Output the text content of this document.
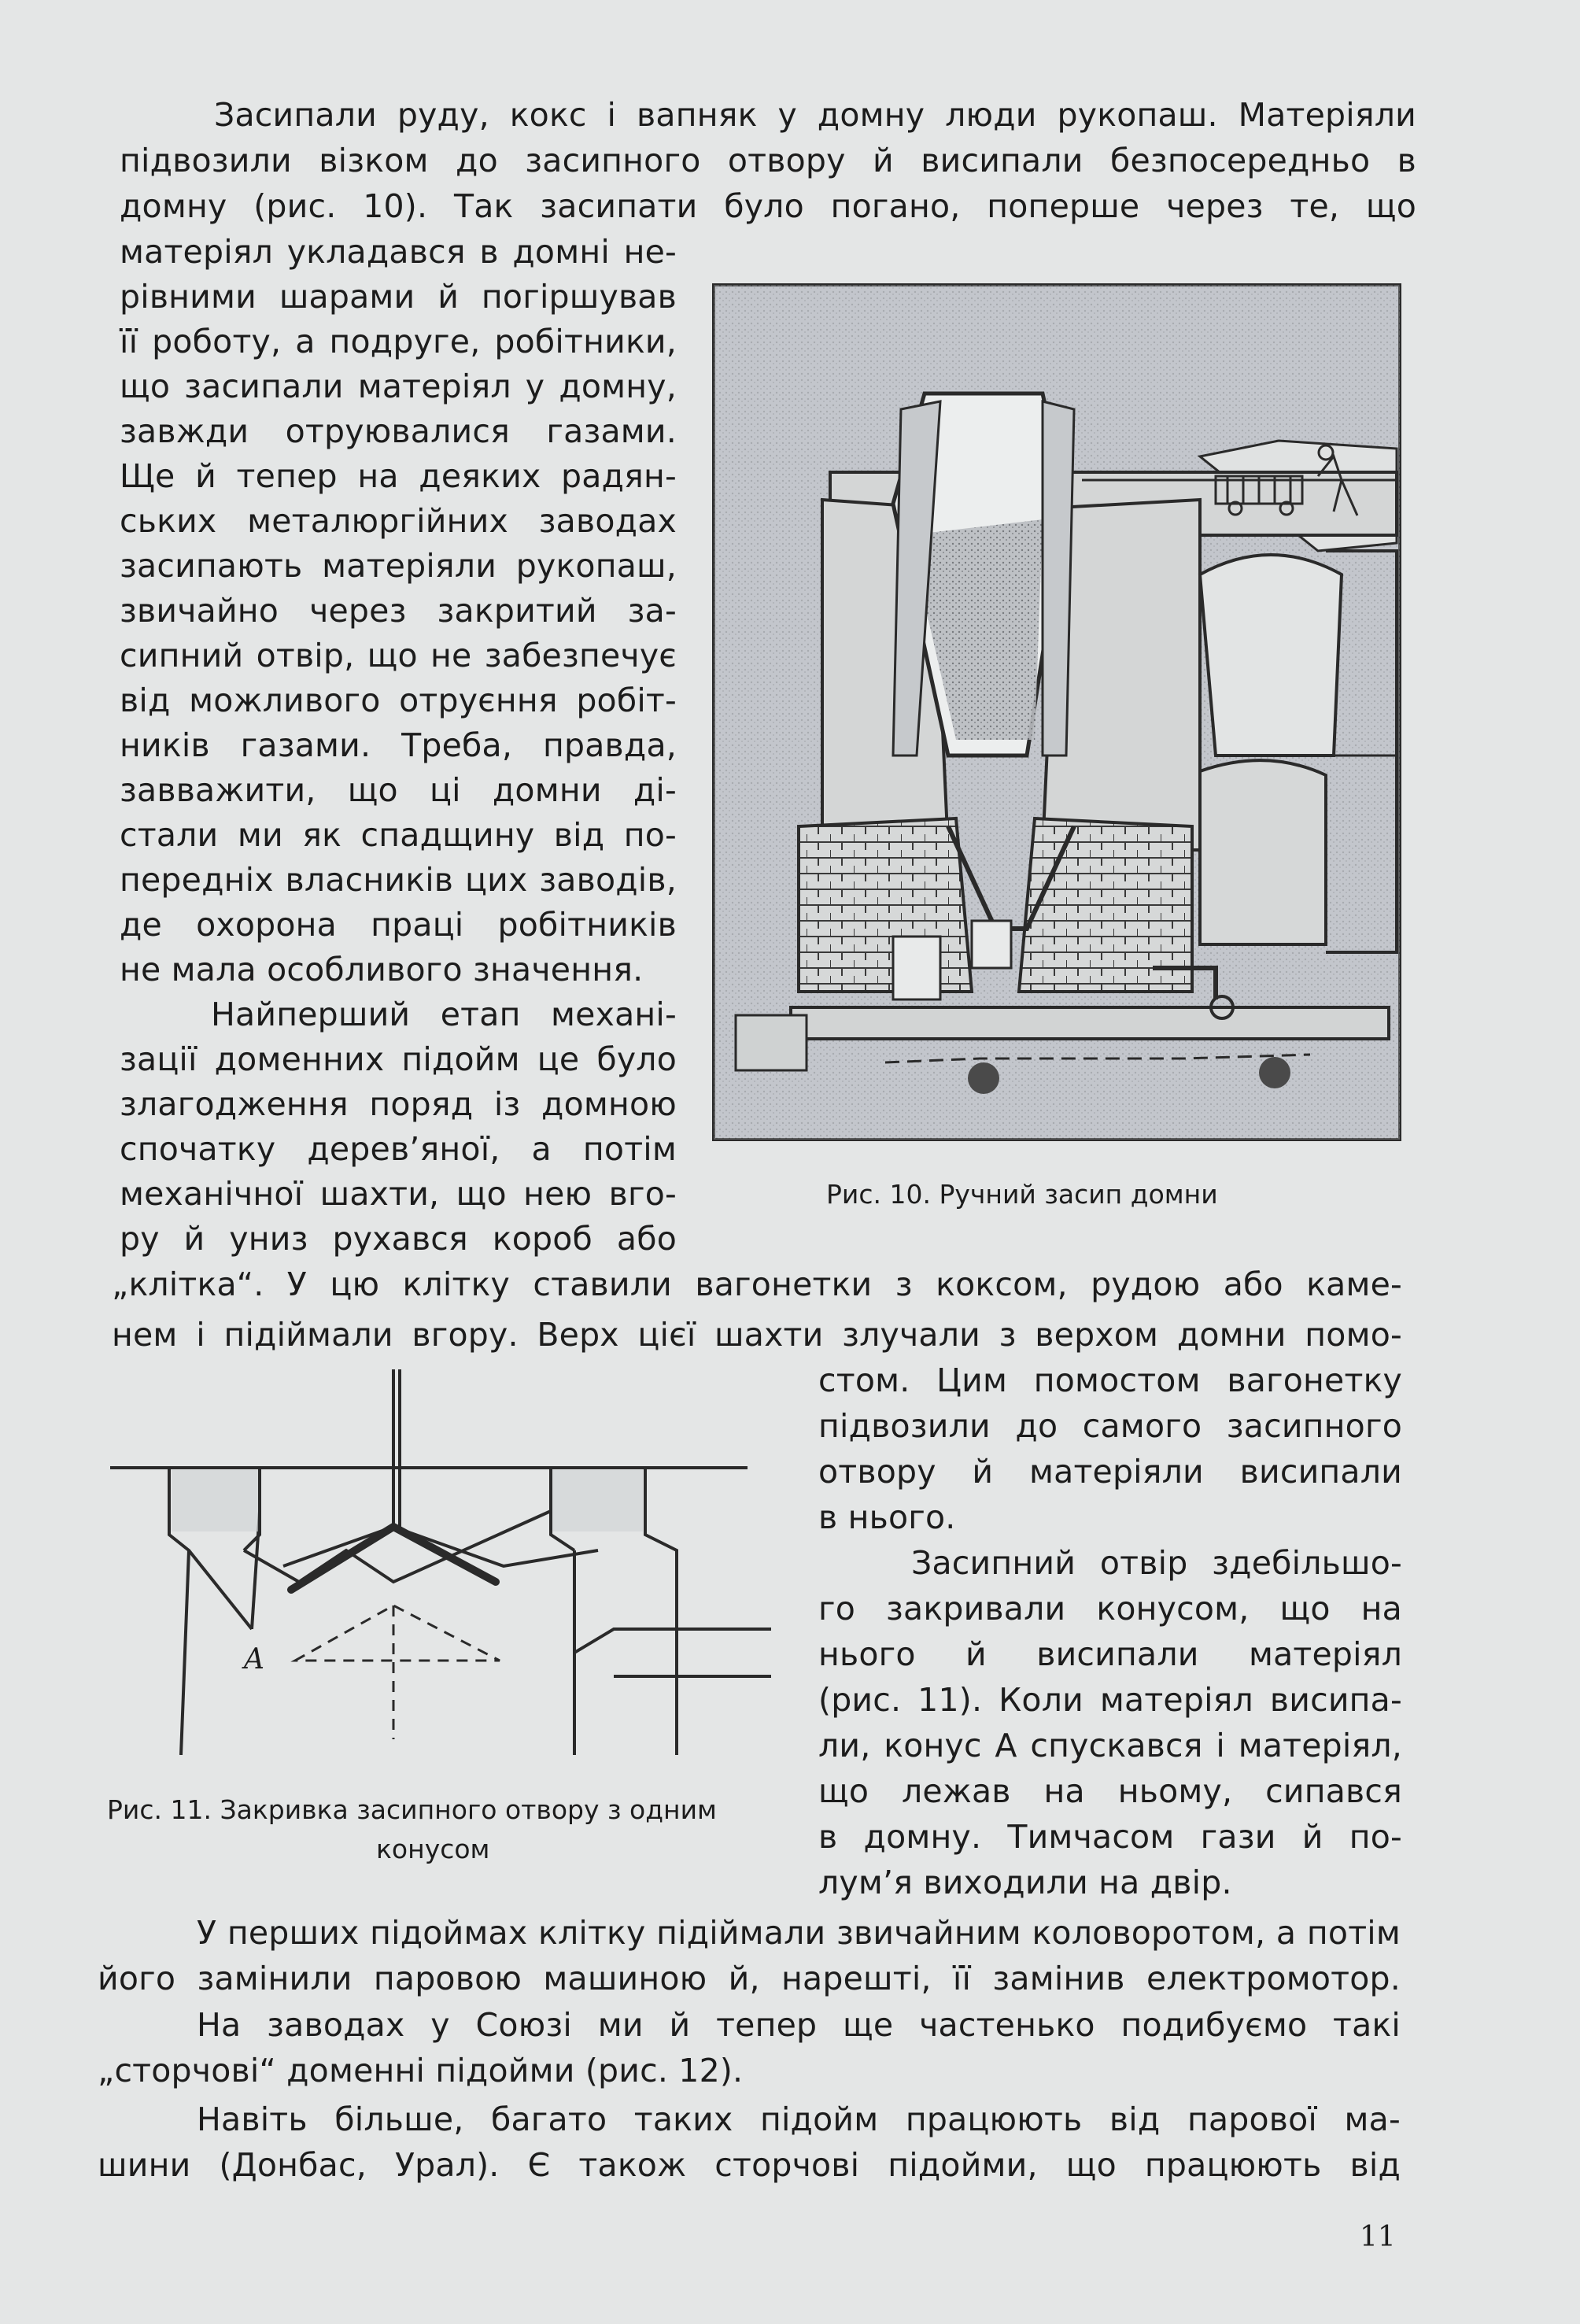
Засипали руду, кокс і вапняк у домну люди рукопаш. Матеріяли

підвозили візком до засипного отвору й висипали безпосередньо в

домну (рис. 10). Так засипати було погано, поперше через те, що

матеріял укладався в домні не-

рівними шарами й погіршував

її роботу, а подруге, робітники,

що засипали матеріял у домну,

завжди отруювалися газами.

Ще й тепер на деяких радян-

ських металюргійних заводах

засипають матеріяли рукопаш,

звичайно через закритий за-

сипний отвір, що не забезпечує

від можливого отруєння робіт-

ників газами. Треба, правда,

завважити, що ці домни ді-

стали ми як спадщину від по-

передніх власників цих заводів,

де охорона праці робітників

не мала особливого значення.

Найперший етап механі-

зації доменних підойм це було

злагодження поряд із домною

спочатку дерев’яної, а потім

механічної шахти, що нею вго-

ру й униз рухався короб або

„клітка“. У цю клітку ставили вагонетки з коксом, рудою або каме-

нем і підіймали вгору. Верх цієї шахти злучали з верхом домни помо-

стом. Цим помостом вагонетку

підвозили до самого засипного

отвору й матеріяли висипали

в нього.

Засипний отвір здебільшо-

го закривали конусом, що на

нього й висипали матеріял

(рис. 11). Коли матеріял висипа-

ли, конус A спускався і матеріял,

що лежав на ньому, сипався

в домну. Тимчасом гази й по-

лум’я виходили на двір.

У перших підоймах клітку підіймали звичайним коловоротом, а потім

його замінили паровою машиною й, нарешті, її замінив електромотор.

На заводах у Союзі ми й тепер ще частенько подибуємо такі

„сторчові“ доменні підойми (рис. 12).

Навіть більше, багато таких підойм працюють від парової ма-

шини (Донбас, Урал). Є також сторчові підойми, що працюють від

Рис. 10. Ручний засип домни

A

Рис. 11. Закривка засипного отвору з одним

конусом

11
